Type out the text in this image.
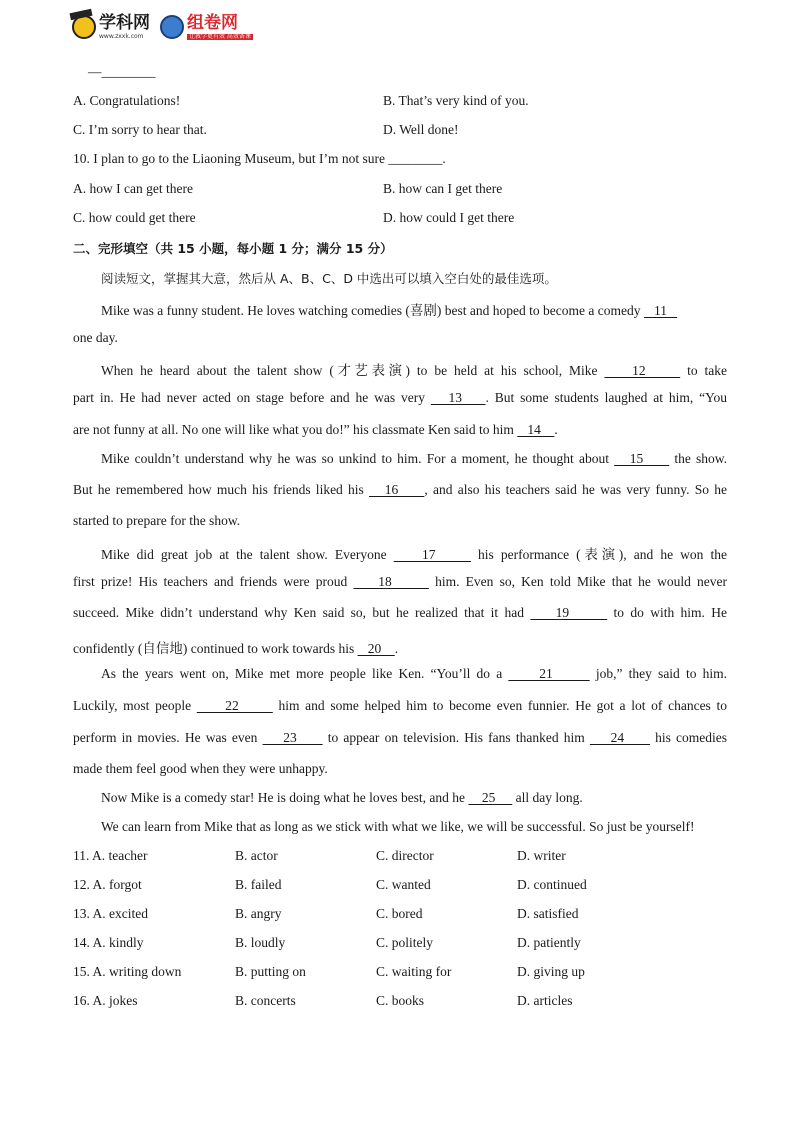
学科网
www.zxxk.com
组卷网
让教学更有效 高效备课
—________
A. Congratulations!	B. That’s very kind of you.
C. I’m sorry to hear that.	D. Well done!
10. I plan to go to the Liaoning Museum, but I’m not sure ________.
A. how I can get there	B. how can I get there
C. how could get there	D. how could I get there
二、完形填空（共 15 小题，每小题 1 分；满分 15 分）
阅读短文，掌握其大意，然后从 A、B、C、D 中选出可以填入空白处的最佳选项。
Mike was a funny student. He loves watching comedies (喜剧) best and hoped to become a comedy    11
one day.
When he heard about the talent show (才艺表演) to be held at his school, Mike     12      to take
part in. He had never acted on stage before and he was very    13    . But some students laughed at him, “You
are not funny at all. No one will like what you do!” his classmate Ken said to him    14    .
Mike couldn’t understand why he was so unkind to him. For a moment, he thought about    15      the show.
But he remembered how much his friends liked his    16     , and also his teachers said he was very funny. So he
started to prepare for the show.
Mike did great job at the talent show. Everyone     17      his performance (表演), and he won the
first prize! His teachers and friends were proud     18       him. Even so, Ken told Mike that he would never
succeed. Mike didn’t understand why Ken said so, but he realized that it had     19       to do with him. He
confidently (自信地) continued to work towards his    20    .
As the years went on, Mike met more people like Ken. “You’ll do a      21       job,” they said to him.
Luckily, most people      22       him and some helped him to become even funnier. He got a lot of chances to
perform in movies. He was even     23      to appear on television. His fans thanked him     24      his comedies
made them feel good when they were unhappy.
Now Mike is a comedy star! He is doing what he loves best, and he     25      all day long.
We can learn from Mike that as long as we stick with what we like, we will be successful. So just be yourself!
11. A. teacher	B. actor	C. director	D. writer
12. A. forgot	B. failed	C. wanted	D. continued
13. A. excited	B. angry	C. bored	D. satisfied
14. A. kindly	B. loudly	C. politely	D. patiently
15. A. writing down	B. putting on	C. waiting for	D. giving up
16. A. jokes	B. concerts	C. books	D. articles
